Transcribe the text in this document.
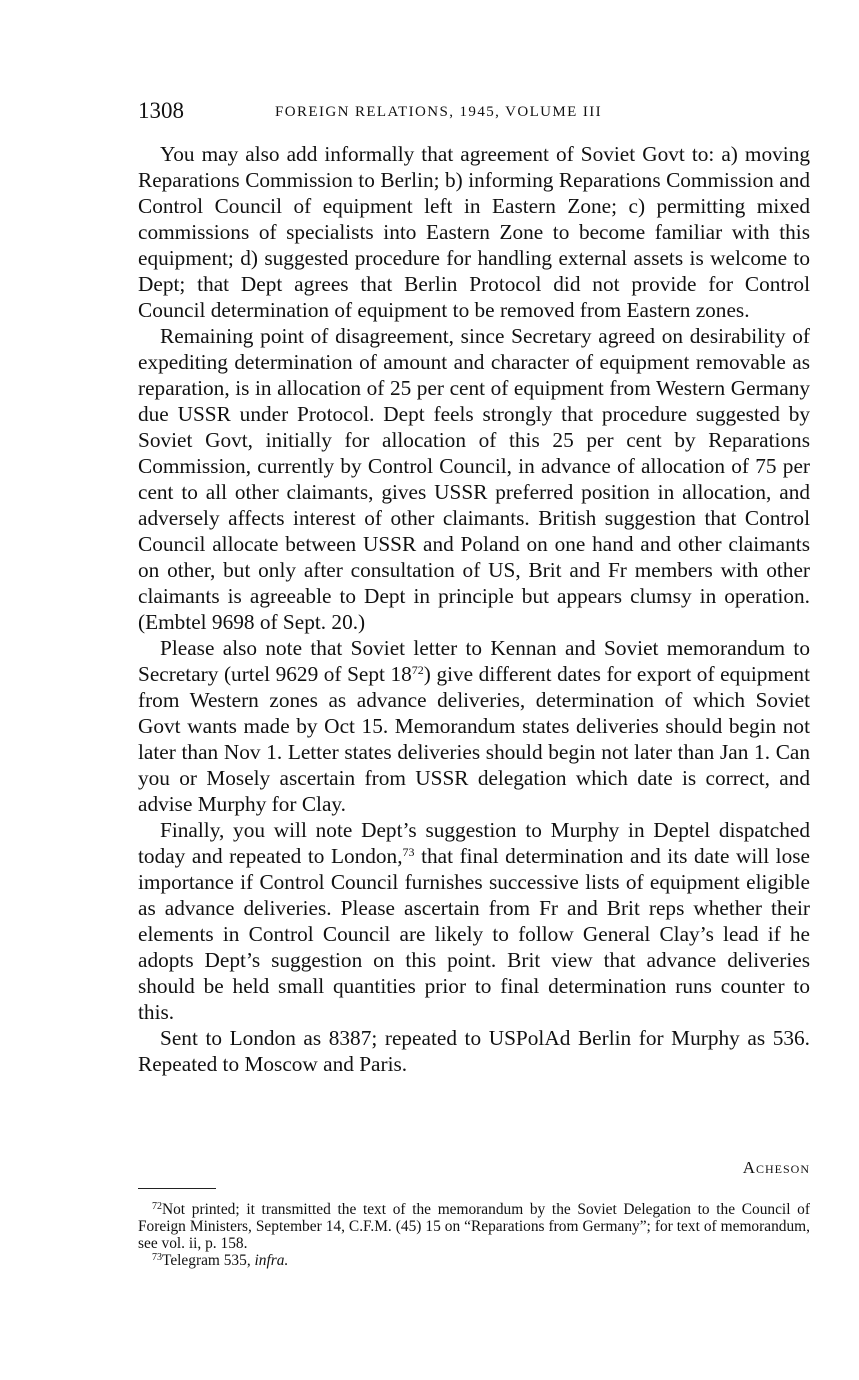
1308	FOREIGN RELATIONS, 1945, VOLUME III

You may also add informally that agreement of Soviet Govt to: a) moving Reparations Commission to Berlin; b) informing Reparations Commission and Control Council of equipment left in Eastern Zone; c) permitting mixed commissions of specialists into Eastern Zone to become familiar with this equipment; d) suggested procedure for handling external assets is welcome to Dept; that Dept agrees that Berlin Protocol did not provide for Control Council determination of equipment to be removed from Eastern zones.

Remaining point of disagreement, since Secretary agreed on desirability of expediting determination of amount and character of equipment removable as reparation, is in allocation of 25 per cent of equipment from Western Germany due USSR under Protocol. Dept feels strongly that procedure suggested by Soviet Govt, initially for allocation of this 25 per cent by Reparations Commission, currently by Control Council, in advance of allocation of 75 per cent to all other claimants, gives USSR preferred position in allocation, and adversely affects interest of other claimants. British suggestion that Control Council allocate between USSR and Poland on one hand and other claimants on other, but only after consultation of US, Brit and Fr members with other claimants is agreeable to Dept in principle but appears clumsy in operation. (Embtel 9698 of Sept. 20.)

Please also note that Soviet letter to Kennan and Soviet memorandum to Secretary (urtel 9629 of Sept 18$^{72}$) give different dates for export of equipment from Western zones as advance deliveries, determination of which Soviet Govt wants made by Oct 15. Memorandum states deliveries should begin not later than Nov 1. Letter states deliveries should begin not later than Jan 1. Can you or Mosely ascertain from USSR delegation which date is correct, and advise Murphy for Clay.

Finally, you will note Dept’s suggestion to Murphy in Deptel dispatched today and repeated to London,$^{73}$ that final determination and its date will lose importance if Control Council furnishes successive lists of equipment eligible as advance deliveries. Please ascertain from Fr and Brit reps whether their elements in Control Council are likely to follow General Clay’s lead if he adopts Dept’s suggestion on this point. Brit view that advance deliveries should be held small quantities prior to final determination runs counter to this.

Sent to London as 8387; repeated to USPolAd Berlin for Murphy as 536. Repeated to Moscow and Paris.

Acheson

$^{72}$Not printed; it transmitted the text of the memorandum by the Soviet Delegation to the Council of Foreign Ministers, September 14, C.F.M. (45) 15 on “Reparations from Germany”; for text of memorandum, see vol. ii, p. 158.

$^{73}$Telegram 535, infra.
